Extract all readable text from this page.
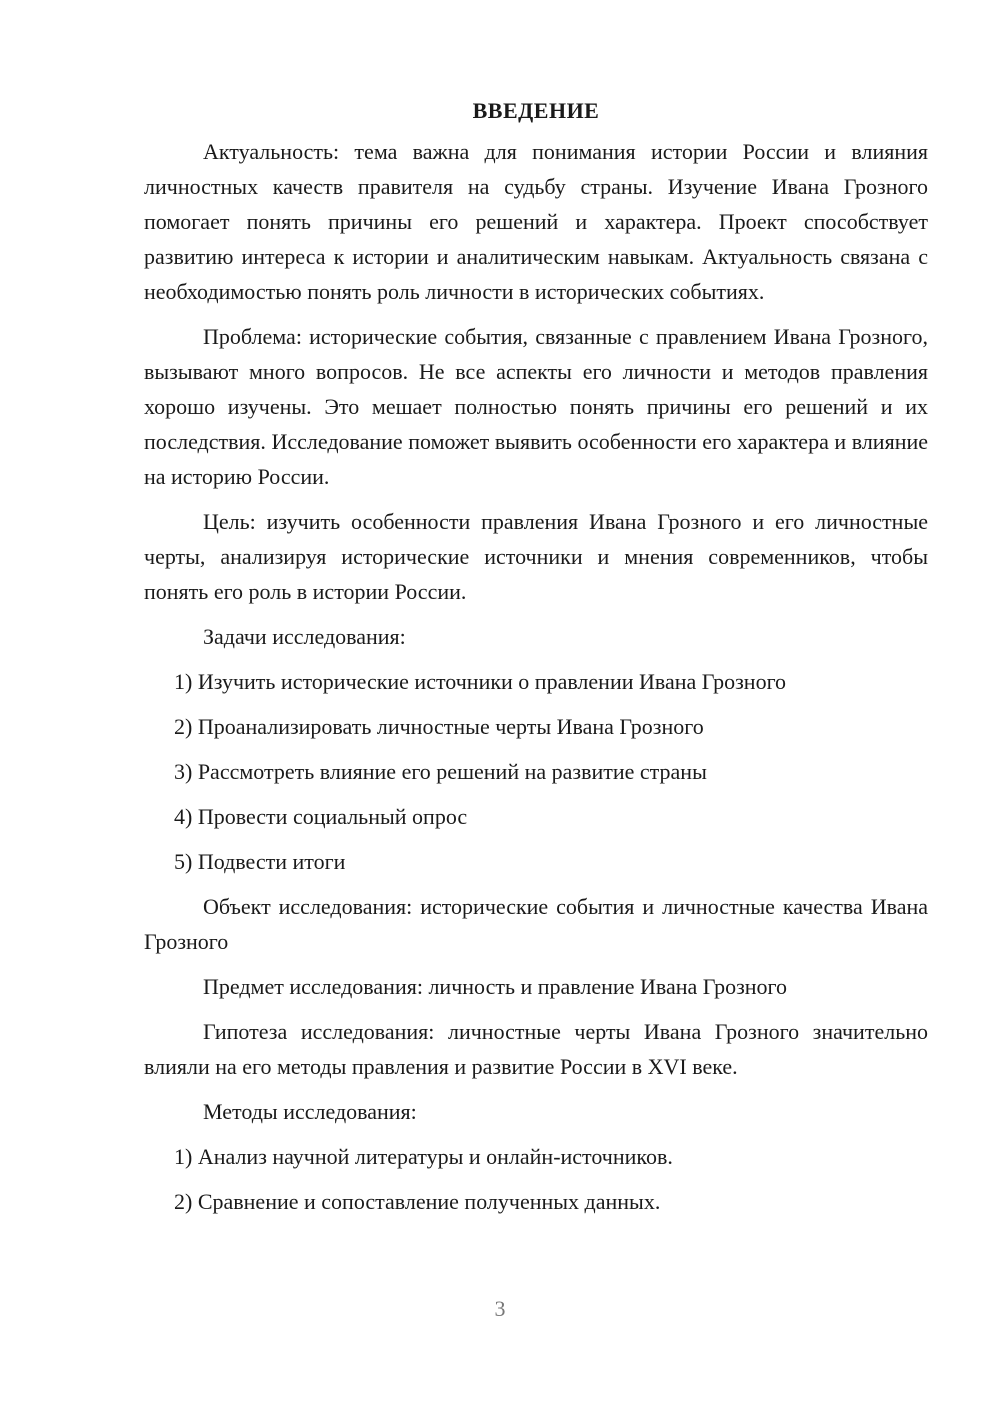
ВВЕДЕНИЕ

Актуальность: тема важна для понимания истории России и влияния личностных качеств правителя на судьбу страны. Изучение Ивана Грозного помогает понять причины его решений и характера. Проект способствует развитию интереса к истории и аналитическим навыкам. Актуальность связана с необходимостью понять роль личности в исторических событиях.

Проблема: исторические события, связанные с правлением Ивана Грозного, вызывают много вопросов. Не все аспекты его личности и методов правления хорошо изучены. Это мешает полностью понять причины его решений и их последствия. Исследование поможет выявить особенности его характера и влияние на историю России.

Цель: изучить особенности правления Ивана Грозного и его личностные черты, анализируя исторические источники и мнения современников, чтобы понять его роль в истории России.

Задачи исследования:

1) Изучить исторические источники о правлении Ивана Грозного
2) Проанализировать личностные черты Ивана Грозного
3) Рассмотреть влияние его решений на развитие страны
4) Провести социальный опрос
5) Подвести итоги

Объект исследования: исторические события и личностные качества Ивана Грозного

Предмет исследования: личность и правление Ивана Грозного

Гипотеза исследования: личностные черты Ивана Грозного значительно влияли на его методы правления и развитие России в XVI веке.

Методы исследования:

1) Анализ научной литературы и онлайн-источников.
2) Сравнение и сопоставление полученных данных.
3
